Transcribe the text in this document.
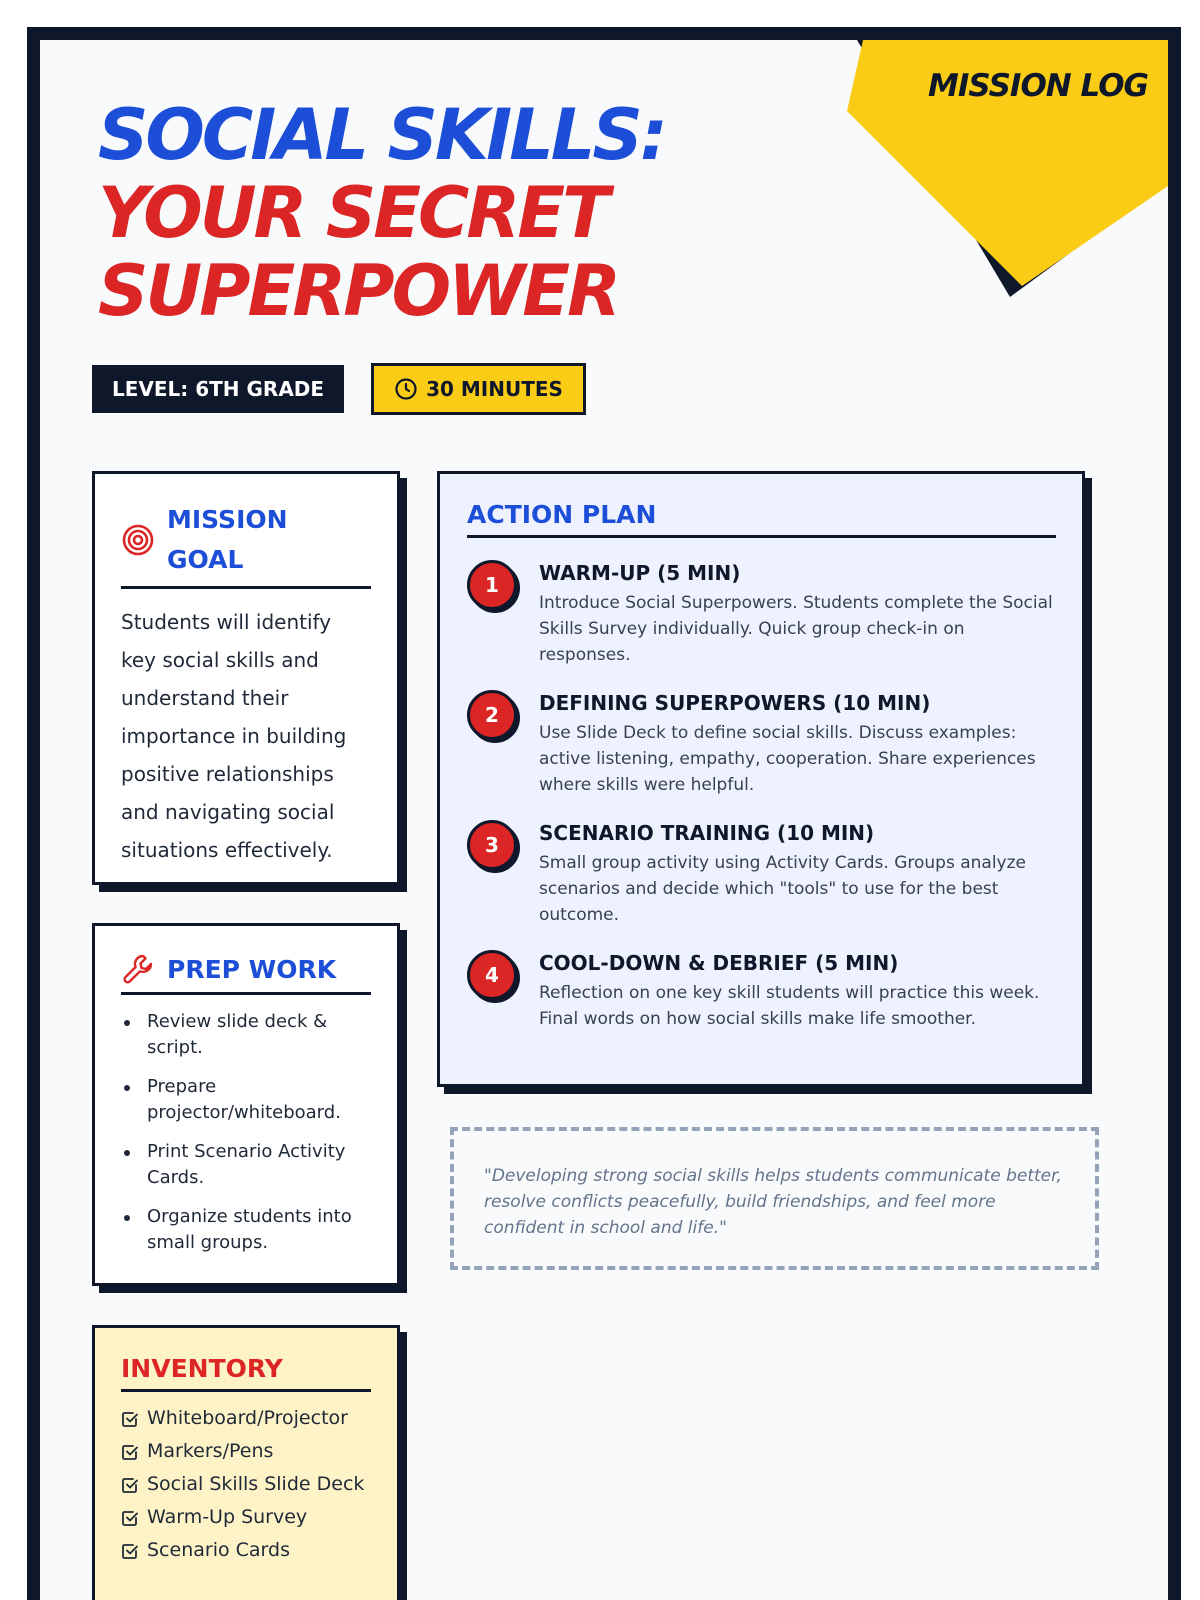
MISSION LOG
SOCIAL SKILLS:
YOUR SECRET
SUPERPOWER
LEVEL: 6TH GRADE	30 MINUTES
MISSION GOAL

Students will identify key social skills and understand their importance in building positive relationships and navigating social situations effectively.

PREP WORK
Review slide deck & script.
Prepare projector/whiteboard.
Print Scenario Activity Cards.
Organize students into small groups.
INVENTORY
Whiteboard/Projector
Markers/Pens
Social Skills Slide Deck
Warm-Up Survey
Scenario Cards
ACTION PLAN
1	WARM-UP (5 MIN)
Introduce Social Superpowers. Students complete the Social Skills Survey individually. Quick group check-in on responses.
2	DEFINING SUPERPOWERS (10 MIN)
Use Slide Deck to define social skills. Discuss examples: active listening, empathy, cooperation. Share experiences where skills were helpful.
3	SCENARIO TRAINING (10 MIN)
Small group activity using Activity Cards. Groups analyze scenarios and decide which "tools" to use for the best outcome.
4	COOL-DOWN & DEBRIEF (5 MIN)
Reflection on one key skill students will practice this week. Final words on how social skills make life smoother.
"Developing strong social skills helps students communicate better, resolve conflicts peacefully, build friendships, and feel more confident in school and life."
